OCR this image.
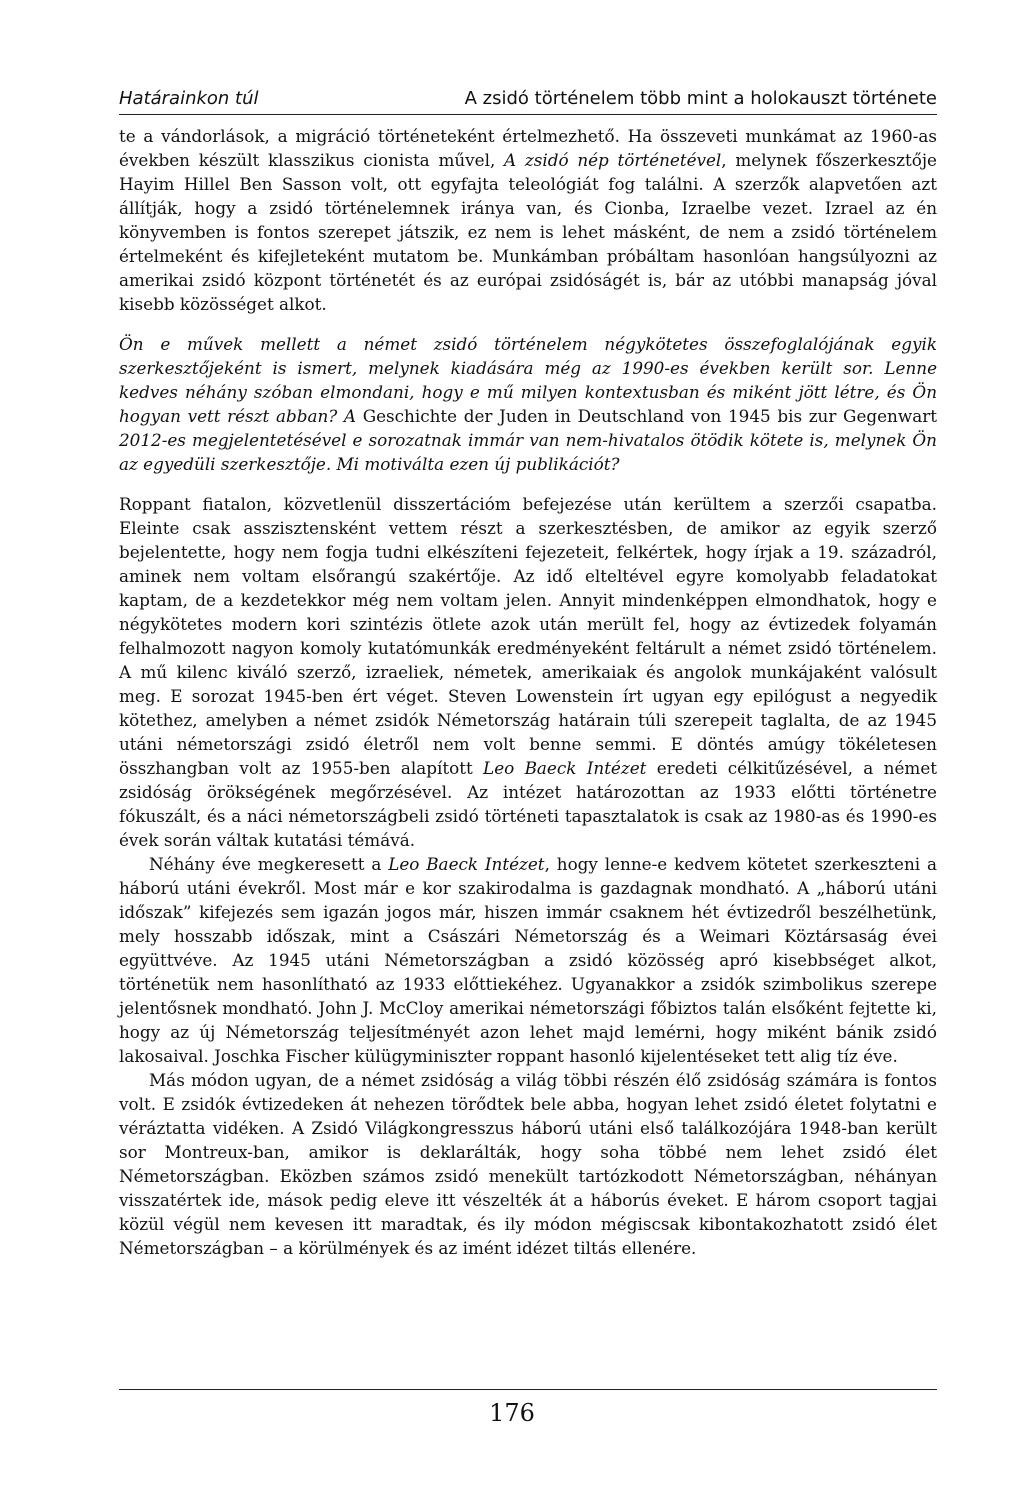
Határainkon túl	A zsidó történelem több mint a holokauszt története

te a vándorlások, a migráció történeteként értelmezhető. Ha összeveti munkámat az 1960-as években készült klasszikus cionista művel, A zsidó nép történetével, melynek főszerkesztője Hayim Hillel Ben Sasson volt, ott egyfajta teleológiát fog találni. A szerzők alapvetően azt állítják, hogy a zsidó történelemnek iránya van, és Cionba, Izraelbe vezet. Izrael az én könyvemben is fontos szerepet játszik, ez nem is lehet másként, de nem a zsidó történelem értelmeként és kifejleteként mutatom be. Munkámban próbáltam hasonlóan hangsúlyozni az amerikai zsidó központ történetét és az európai zsidóságét is, bár az utóbbi manapság jóval kisebb közösséget alkot.

Ön e művek mellett a német zsidó történelem négykötetes összefoglalójának egyik szerkesztőjeként is ismert, melynek kiadására még az 1990-es években került sor. Lenne kedves néhány szóban elmondani, hogy e mű milyen kontextusban és miként jött létre, és Ön hogyan vett részt abban? A Geschichte der Juden in Deutschland von 1945 bis zur Gegenwart 2012-es megjelentetésével e sorozatnak immár van nem-hivatalos ötödik kötete is, melynek Ön az egyedüli szerkesztője. Mi motiválta ezen új publikációt?

Roppant fiatalon, közvetlenül disszertációm befejezése után kerültem a szerzői csapatba. Eleinte csak asszisztensként vettem részt a szerkesztésben, de amikor az egyik szerző bejelentette, hogy nem fogja tudni elkészíteni fejezeteit, felkértek, hogy írjak a 19. századról, aminek nem voltam elsőrangú szakértője. Az idő elteltével egyre komolyabb feladatokat kaptam, de a kezdetekkor még nem voltam jelen. Annyit mindenképpen elmondhatok, hogy e négykötetes modern kori szintézis ötlete azok után merült fel, hogy az évtizedek folyamán felhalmozott nagyon komoly kutatómunkák eredményeként feltárult a német zsidó történelem. A mű kilenc kiváló szerző, izraeliek, németek, amerikaiak és angolok munkájaként valósult meg. E sorozat 1945-ben ért véget. Steven Lowenstein írt ugyan egy epilógust a negyedik kötethez, amelyben a német zsidók Németország határain túli szerepeit taglalta, de az 1945 utáni németországi zsidó életről nem volt benne semmi. E döntés amúgy tökéletesen összhangban volt az 1955-ben alapított Leo Baeck Intézet eredeti célkitűzésével, a német zsidóság örökségének megőrzésével. Az intézet határozottan az 1933 előtti történetre fókuszált, és a náci németországbeli zsidó történeti tapasztalatok is csak az 1980-as és 1990-es évek során váltak kutatási témává.

Néhány éve megkeresett a Leo Baeck Intézet, hogy lenne-e kedvem kötetet szerkeszteni a háború utáni évekről. Most már e kor szakirodalma is gazdagnak mondható. A „háború utáni időszak” kifejezés sem igazán jogos már, hiszen immár csaknem hét évtizedről beszélhetünk, mely hosszabb időszak, mint a Császári Németország és a Weimari Köztársaság évei együttvéve. Az 1945 utáni Németországban a zsidó közösség apró kisebbséget alkot, történetük nem hasonlítható az 1933 előttiekéhez. Ugyanakkor a zsidók szimbolikus szerepe jelentősnek mondható. John J. McCloy amerikai németországi főbiztos talán elsőként fejtette ki, hogy az új Németország teljesítményét azon lehet majd lemérni, hogy miként bánik zsidó lakosaival. Joschka Fischer külügyminiszter roppant hasonló kijelentéseket tett alig tíz éve.

Más módon ugyan, de a német zsidóság a világ többi részén élő zsidóság számára is fontos volt. E zsidók évtizedeken át nehezen törődtek bele abba, hogyan lehet zsidó életet folytatni e véráztatta vidéken. A Zsidó Világkongresszus háború utáni első találkozójára 1948-ban került sor Montreux-ban, amikor is deklarálták, hogy soha többé nem lehet zsidó élet Németországban. Eközben számos zsidó menekült tartózkodott Németországban, néhányan visszatértek ide, mások pedig eleve itt vészelték át a háborús éveket. E három csoport tagjai közül végül nem kevesen itt maradtak, és ily módon mégiscsak kibontakozhatott zsidó élet Németországban – a körülmények és az imént idézet tiltás ellenére.

176
